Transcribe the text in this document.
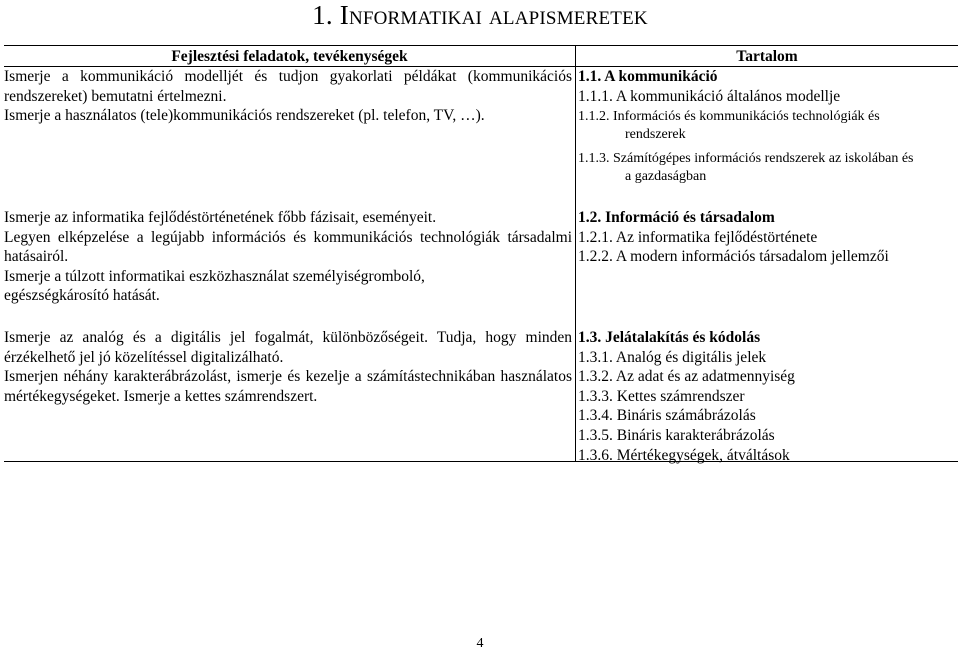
1. Informatikai alapismeretek
Fejlesztési feladatok, tevékenységek	Tartalom

Ismerje a kommunikáció modelljét és tudjon gyakorlati példákat (kommunikációs rendszereket) bemutatni értelmezni.

Ismerje a használatos (tele)kommunikációs rendszereket (pl. telefon, TV, …).

1.1. A kommunikáció

1.1.1. A kommunikáció általános modellje

1.1.2. Információs és kommunikációs technológiák és

rendszerek

1.1.3. Számítógépes információs rendszerek az iskolában és

a gazdaságban

Ismerje az informatika fejlődéstörténetének főbb fázisait, eseményeit.

Legyen elképzelése a legújabb információs és kommunikációs technológiák társadalmi hatásairól.

Ismerje a túlzott informatikai eszközhasználat személyiségromboló, egészségkárosító hatását.

1.2. Információ és társadalom

1.2.1. Az informatika fejlődéstörténete

1.2.2. A modern információs társadalom jellemzői

Ismerje az analóg és a digitális jel fogalmát, különbözőségeit. Tudja, hogy minden érzékelhető jel jó közelítéssel digitalizálható.

Ismerjen néhány karakterábrázolást, ismerje és kezelje a számítástechnikában használatos mértékegységeket. Ismerje a kettes számrendszert.

1.3. Jelátalakítás és kódolás

1.3.1. Analóg és digitális jelek

1.3.2. Az adat és az adatmennyiség

1.3.3. Kettes számrendszer

1.3.4. Bináris számábrázolás

1.3.5. Bináris karakterábrázolás

1.3.6. Mértékegységek, átváltások

4
